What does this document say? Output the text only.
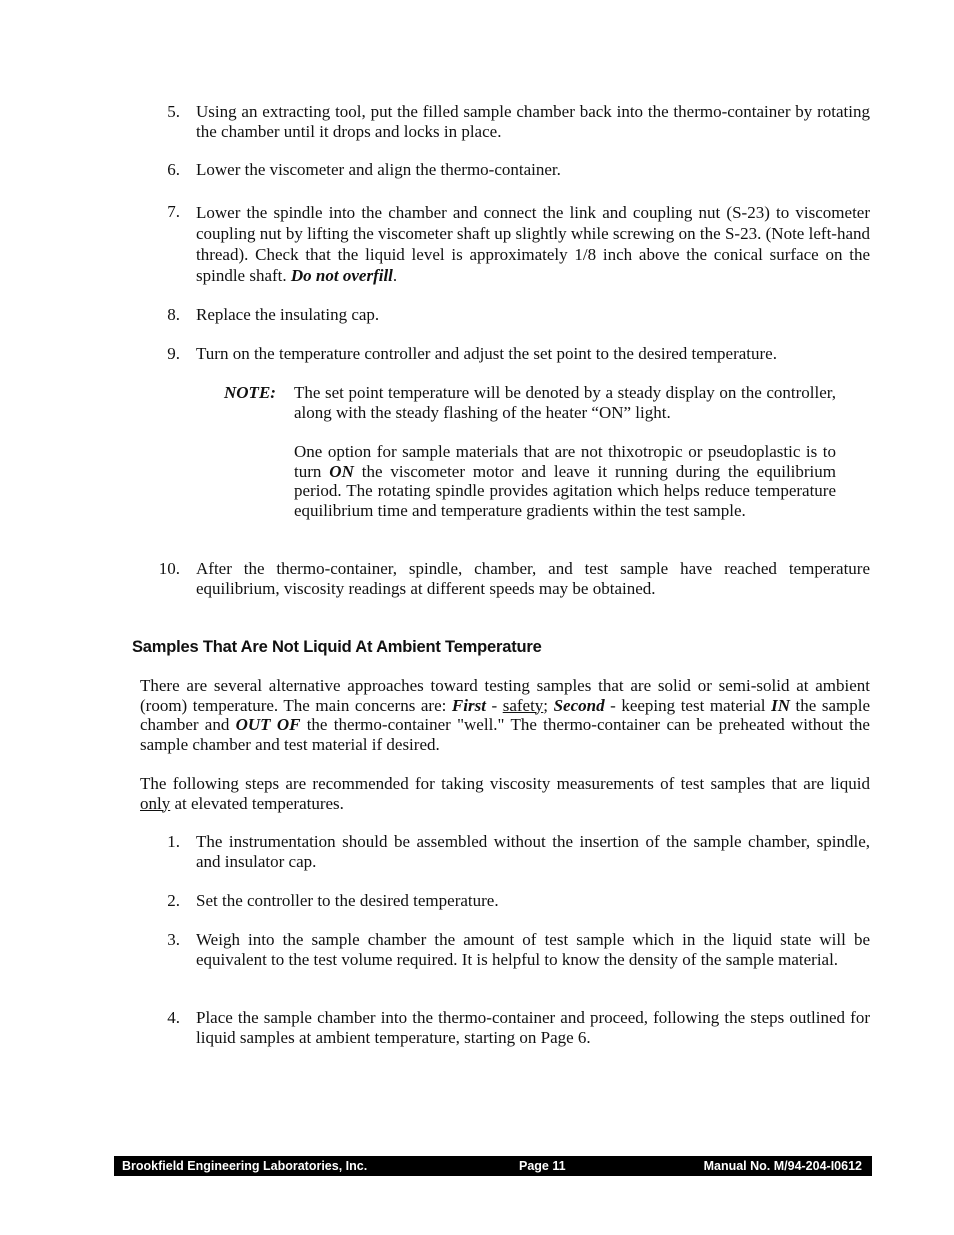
5. Using an extracting tool, put the filled sample chamber back into the thermo-container by rotating the chamber until it drops and locks in place.
6. Lower the viscometer and align the thermo-container.
7. Lower the spindle into the chamber and connect the link and coupling nut (S-23) to viscometer coupling nut by lifting the viscometer shaft up slightly while screwing on the S-23. (Note left-hand thread). Check that the liquid level is approximately 1/8 inch above the conical surface on the spindle shaft. Do not overfill.
8. Replace the insulating cap.
9. Turn on the temperature controller and adjust the set point to the desired temperature.
NOTE: The set point temperature will be denoted by a steady display on the controller, along with the steady flashing of the heater “ON” light.
One option for sample materials that are not thixotropic or pseudoplastic is to turn ON the viscometer motor and leave it running during the equilibrium period. The rotating spindle provides agitation which helps reduce temperature equilibrium time and temperature gradients within the test sample.
10. After the thermo-container, spindle, chamber, and test sample have reached temperature equilibrium, viscosity readings at different speeds may be obtained.
Samples That Are Not Liquid At Ambient Temperature
There are several alternative approaches toward testing samples that are solid or semi-solid at ambient (room) temperature. The main concerns are: First - safety; Second - keeping test material IN the sample chamber and OUT OF the thermo-container "well." The thermo-container can be preheated without the sample chamber and test material if desired.
The following steps are recommended for taking viscosity measurements of test samples that are liquid only at elevated temperatures.
1. The instrumentation should be assembled without the insertion of the sample chamber, spindle, and insulator cap.
2. Set the controller to the desired temperature.
3. Weigh into the sample chamber the amount of test sample which in the liquid state will be equivalent to the test volume required. It is helpful to know the density of the sample material.
4. Place the sample chamber into the thermo-container and proceed, following the steps outlined for liquid samples at ambient temperature, starting on Page 6.
Brookfield Engineering Laboratories, Inc.	Page 11	Manual No. M/94-204-I0612
